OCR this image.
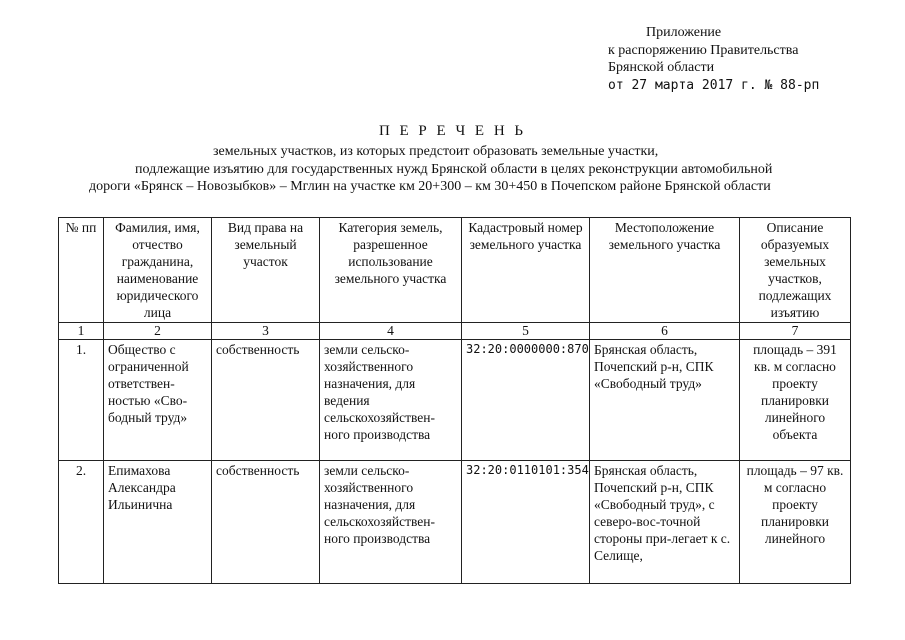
Приложение
к распоряжению Правительства
Брянской области
от 27 марта 2017 г. № 88-рп
П Е Р Е Ч Е Н Ь
земельных участков, из которых предстоит образовать земельные участки,
подлежащие изъятию для государственных нужд Брянской области в целях реконструкции автомобильной
дороги «Брянск – Новозыбков» – Мглин на участке км 20+300 – км 30+450 в Почепском районе Брянской области
№ пп	Фамилия, имя, отчество гражданина, наименование юридического лица	Вид права на земельный участок	Категория земель, разрешенное использование земельного участка	Кадастровый номер земельного участка	Местоположение земельного участка	Описание образуемых земельных участков, подлежащих изъятию
1	2	3	4	5	6	7
1.	Общество с ограниченной ответствен-ностью «Сво-бодный труд»	собственность	земли сельско-хозяйственного назначения, для ведения сельскохозяйствен-ного производства	32:20:0000000:870	Брянская область, Почепский р-н, СПК «Свободный труд»	площадь – 391 кв. м согласно проекту планировки линейного объекта
2.	Епимахова Александра Ильинична	собственность	земли сельско-хозяйственного назначения, для сельскохозяйствен-ного производства	32:20:0110101:354	Брянская область, Почепский р-н, СПК «Свободный труд», с северо-вос-точной стороны при-легает к с. Селище,	площадь – 97 кв. м согласно проекту планировки линейного
